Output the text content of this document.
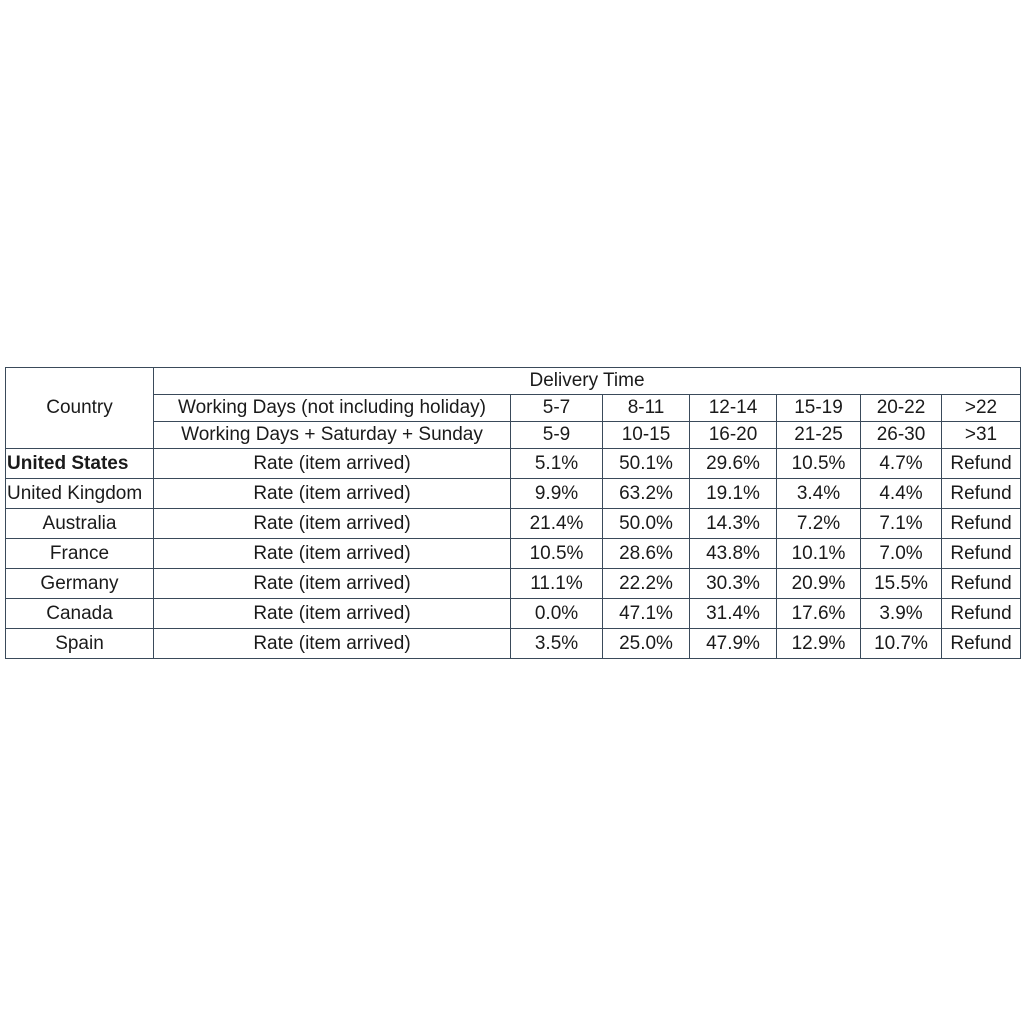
Country	Delivery Time						
	Working Days (not including holiday)	5-7	8-11	12-14	15-19	20-22	>22
	Working Days + Saturday + Sunday	5-9	10-15	16-20	21-25	26-30	>31
United States	Rate (item arrived)	5.1%	50.1%	29.6%	10.5%	4.7%	Refund
United Kingdom	Rate (item arrived)	9.9%	63.2%	19.1%	3.4%	4.4%	Refund
Australia	Rate (item arrived)	21.4%	50.0%	14.3%	7.2%	7.1%	Refund
France	Rate (item arrived)	10.5%	28.6%	43.8%	10.1%	7.0%	Refund
Germany	Rate (item arrived)	11.1%	22.2%	30.3%	20.9%	15.5%	Refund
Canada	Rate (item arrived)	0.0%	47.1%	31.4%	17.6%	3.9%	Refund
Spain	Rate (item arrived)	3.5%	25.0%	47.9%	12.9%	10.7%	Refund
